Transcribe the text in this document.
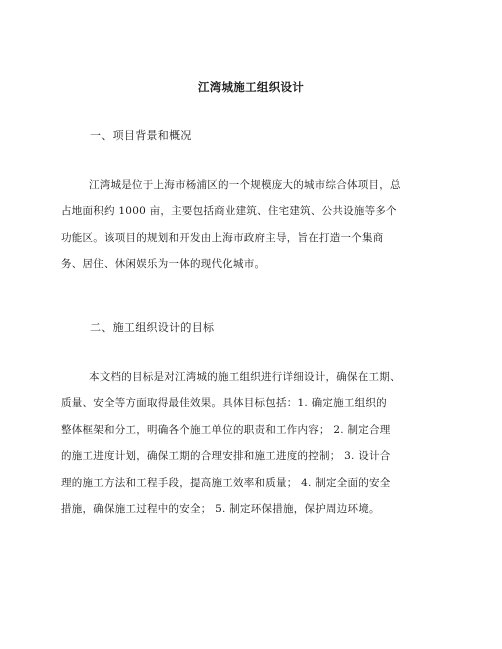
江湾城施工组织设计
一、项目背景和概况
江湾城是位于上海市杨浦区的一个规模庞大的城市综合体项目，总
占地面积约 1000 亩，主要包括商业建筑、住宅建筑、公共设施等多个
功能区。该项目的规划和开发由上海市政府主导，旨在打造一个集商
务、居住、休闲娱乐为一体的现代化城市。
二、施工组织设计的目标
本文档的目标是对江湾城的施工组织进行详细设计，确保在工期、
质量、安全等方面取得最佳效果。具体目标包括：1. 确定施工组织的
整体框架和分工，明确各个施工单位的职责和工作内容； 2. 制定合理
的施工进度计划，确保工期的合理安排和施工进度的控制； 3. 设计合
理的施工方法和工程手段，提高施工效率和质量； 4. 制定全面的安全
措施，确保施工过程中的安全； 5. 制定环保措施，保护周边环境。
